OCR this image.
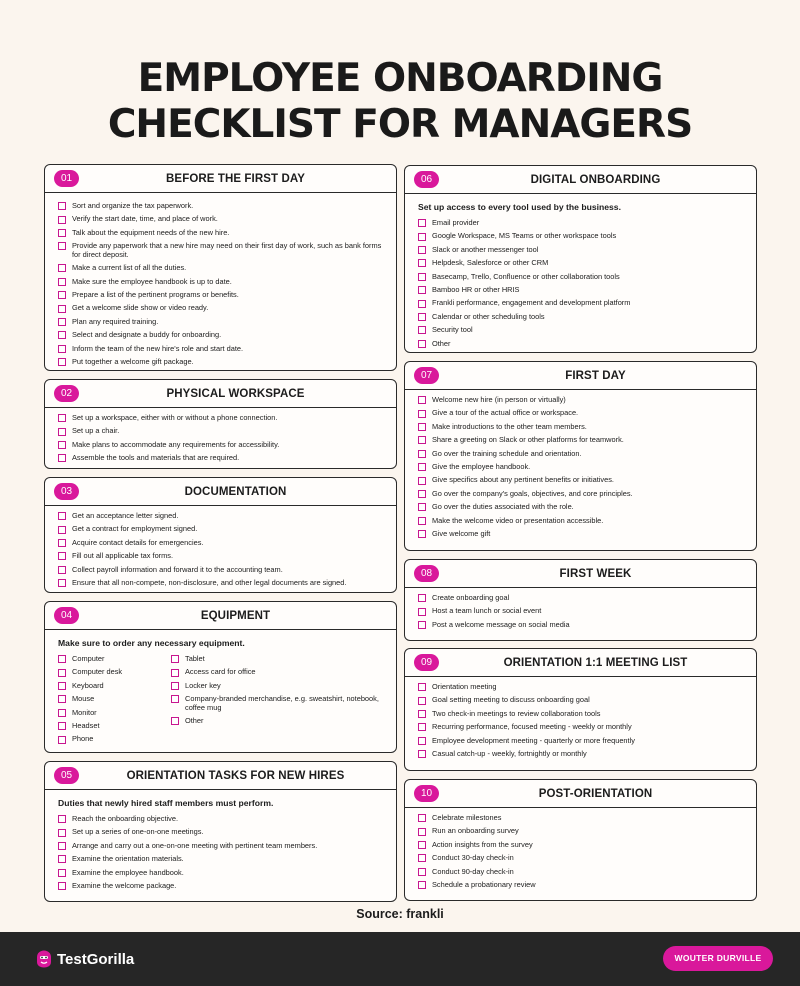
EMPLOYEE ONBOARDING
CHECKLIST FOR MANAGERS
01	BEFORE THE FIRST DAY
Sort and organize the tax paperwork.
Verify the start date, time, and place of work.
Talk about the equipment needs of the new hire.
Provide any paperwork that a new hire may need on their first day of work, such as bank forms for direct deposit.
Make a current list of all the duties.
Make sure the employee handbook is up to date.
Prepare a list of the pertinent programs or benefits.
Get a welcome slide show or video ready.
Plan any required training.
Select and designate a buddy for onboarding.
Inform the team of the new hire's role and start date.
Put together a welcome gift package.
02	PHYSICAL WORKSPACE
Set up a workspace, either with or without a phone connection.
Set up a chair.
Make plans to accommodate any requirements for accessibility.
Assemble the tools and materials that are required.
03	DOCUMENTATION
Get an acceptance letter signed.
Get a contract for employment signed.
Acquire contact details for emergencies.
Fill out all applicable tax forms.
Collect payroll information and forward it to the accounting team.
Ensure that all non-compete, non-disclosure, and other legal documents are signed.
04	EQUIPMENT
Make sure to order any necessary equipment.
Computer
Computer desk
Keyboard
Mouse
Monitor
Headset
Phone
Tablet
Access card for office
Locker key
Company-branded merchandise, e.g. sweatshirt, notebook, coffee mug
Other
05	ORIENTATION TASKS FOR NEW HIRES
Duties that newly hired staff members must perform.
Reach the onboarding objective.
Set up a series of one-on-one meetings.
Arrange and carry out a one-on-one meeting with pertinent team members.
Examine the orientation materials.
Examine the employee handbook.
Examine the welcome package.
06	DIGITAL ONBOARDING
Set up access to every tool used by the business.
Email provider
Google Workspace, MS Teams or other workspace tools
Slack or another messenger tool
Helpdesk, Salesforce or other CRM
Basecamp, Trello, Confluence or other collaboration tools
Bamboo HR or other HRIS
Frankli performance, engagement and development platform
Calendar or other scheduling tools
Security tool
Other
07	FIRST DAY
Welcome new hire (in person or virtually)
Give a tour of the actual office or workspace.
Make introductions to the other team members.
Share a greeting on Slack or other platforms for teamwork.
Go over the training schedule and orientation.
Give the employee handbook.
Give specifics about any pertinent benefits or initiatives.
Go over the company's goals, objectives, and core principles.
Go over the duties associated with the role.
Make the welcome video or presentation accessible.
Give welcome gift
08	FIRST WEEK
Create onboarding goal
Host a team lunch or social event
Post a welcome message on social media
09	ORIENTATION 1:1 MEETING LIST
Orientation meeting
Goal setting meeting to discuss onboarding goal
Two check-in meetings to review collaboration tools
Recurring performance, focused meeting - weekly or monthly
Employee development meeting - quarterly or more frequently
Casual catch-up - weekly, fortnightly or monthly
10	POST-ORIENTATION
Celebrate milestones
Run an onboarding survey
Action insights from the survey
Conduct 30-day check-in
Conduct 90-day check-in
Schedule a probationary review
Source: frankli
TestGorilla	WOUTER DURVILLE
